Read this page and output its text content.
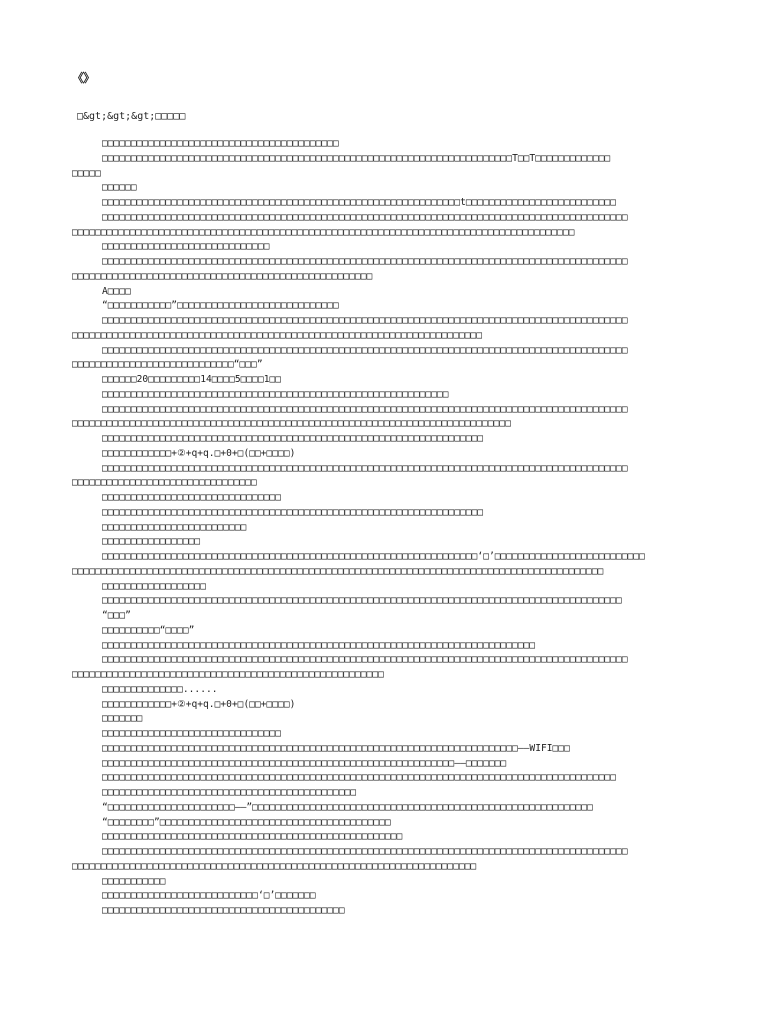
《》
□&gt;&gt;&gt;□□□□□
□□□□□□□□□□□□□□□□□□□□□□□□□□□□□□□□□□□□□□□□□
□□□□□□□□□□□□□□□□□□□□□□□□□□□□□□□□□□□□□□□□□□□□□□□□□□□□□□□□□□□□□□□□□□□□□□□T□□T□□□□□□□□□□□□□
□□□□□
□□□□□□
□□□□□□□□□□□□□□□□□□□□□□□□□□□□□□□□□□□□□□□□□□□□□□□□□□□□□□□□□□□□□□t□□□□□□□□□□□□□□□□□□□□□□□□□□
□□□□□□□□□□□□□□□□□□□□□□□□□□□□□□□□□□□□□□□□□□□□□□□□□□□□□□□□□□□□□□□□□□□□□□□□□□□□□□□□□□□□□□□□□□□
□□□□□□□□□□□□□□□□□□□□□□□□□□□□□□□□□□□□□□□□□□□□□□□□□□□□□□□□□□□□□□□□□□□□□□□□□□□□□□□□□□□□□□□
□□□□□□□□□□□□□□□□□□□□□□□□□□□□□
□□□□□□□□□□□□□□□□□□□□□□□□□□□□□□□□□□□□□□□□□□□□□□□□□□□□□□□□□□□□□□□□□□□□□□□□□□□□□□□□□□□□□□□□□□□
□□□□□□□□□□□□□□□□□□□□□□□□□□□□□□□□□□□□□□□□□□□□□□□□□□□□
A□□□□
“□□□□□□□□□□□”□□□□□□□□□□□□□□□□□□□□□□□□□□□□
□□□□□□□□□□□□□□□□□□□□□□□□□□□□□□□□□□□□□□□□□□□□□□□□□□□□□□□□□□□□□□□□□□□□□□□□□□□□□□□□□□□□□□□□□□□
□□□□□□□□□□□□□□□□□□□□□□□□□□□□□□□□□□□□□□□□□□□□□□□□□□□□□□□□□□□□□□□□□□□□□□□
□□□□□□□□□□□□□□□□□□□□□□□□□□□□□□□□□□□□□□□□□□□□□□□□□□□□□□□□□□□□□□□□□□□□□□□□□□□□□□□□□□□□□□□□□□□
□□□□□□□□□□□□□□□□□□□□□□□□□□□□“□□□”
□□□□□□20□□□□□□□□□14□□□□5□□□□1□□
□□□□□□□□□□□□□□□□□□□□□□□□□□□□□□□□□□□□□□□□□□□□□□□□□□□□□□□□□□□□
□□□□□□□□□□□□□□□□□□□□□□□□□□□□□□□□□□□□□□□□□□□□□□□□□□□□□□□□□□□□□□□□□□□□□□□□□□□□□□□□□□□□□□□□□□□
□□□□□□□□□□□□□□□□□□□□□□□□□□□□□□□□□□□□□□□□□□□□□□□□□□□□□□□□□□□□□□□□□□□□□□□□□□□□
□□□□□□□□□□□□□□□□□□□□□□□□□□□□□□□□□□□□□□□□□□□□□□□□□□□□□□□□□□□□□□□□□□
□□□□□□□□□□□□+②+q+q.□+0+□(□□+□□□□)
□□□□□□□□□□□□□□□□□□□□□□□□□□□□□□□□□□□□□□□□□□□□□□□□□□□□□□□□□□□□□□□□□□□□□□□□□□□□□□□□□□□□□□□□□□□
□□□□□□□□□□□□□□□□□□□□□□□□□□□□□□□□
□□□□□□□□□□□□□□□□□□□□□□□□□□□□□□□
□□□□□□□□□□□□□□□□□□□□□□□□□□□□□□□□□□□□□□□□□□□□□□□□□□□□□□□□□□□□□□□□□□
□□□□□□□□□□□□□□□□□□□□□□□□□
□□□□□□□□□□□□□□□□□
□□□□□□□□□□□□□□□□□□□□□□□□□□□□□□□□□□□□□□□□□□□□□□□□□□□□□□□□□□□□□□□□□‘□’□□□□□□□□□□□□□□□□□□□□□□□□□□
□□□□□□□□□□□□□□□□□□□□□□□□□□□□□□□□□□□□□□□□□□□□□□□□□□□□□□□□□□□□□□□□□□□□□□□□□□□□□□□□□□□□□□□□□□□□
□□□□□□□□□□□□□□□□□□
□□□□□□□□□□□□□□□□□□□□□□□□□□□□□□□□□□□□□□□□□□□□□□□□□□□□□□□□□□□□□□□□□□□□□□□□□□□□□□□□□□□□□□□□□□
“□□□”
□□□□□□□□□□“□□□□”
□□□□□□□□□□□□□□□□□□□□□□□□□□□□□□□□□□□□□□□□□□□□□□□□□□□□□□□□□□□□□□□□□□□□□□□□□□□
□□□□□□□□□□□□□□□□□□□□□□□□□□□□□□□□□□□□□□□□□□□□□□□□□□□□□□□□□□□□□□□□□□□□□□□□□□□□□□□□□□□□□□□□□□□
□□□□□□□□□□□□□□□□□□□□□□□□□□□□□□□□□□□□□□□□□□□□□□□□□□□□□□
□□□□□□□□□□□□□□......
□□□□□□□□□□□□+②+q+q.□+0+□(□□+□□□□)
□□□□□□□
□□□□□□□□□□□□□□□□□□□□□□□□□□□□□□□
□□□□□□□□□□□□□□□□□□□□□□□□□□□□□□□□□□□□□□□□□□□□□□□□□□□□□□□□□□□□□□□□□□□□□□□□——WIFI□□□
□□□□□□□□□□□□□□□□□□□□□□□□□□□□□□□□□□□□□□□□□□□□□□□□□□□□□□□□□□□□□——□□□□□□□
□□□□□□□□□□□□□□□□□□□□□□□□□□□□□□□□□□□□□□□□□□□□□□□□□□□□□□□□□□□□□□□□□□□□□□□□□□□□□□□□□□□□□□□□□
□□□□□□□□□□□□□□□□□□□□□□□□□□□□□□□□□□□□□□□□□□□□
“□□□□□□□□□□□□□□□□□□□□□□——”□□□□□□□□□□□□□□□□□□□□□□□□□□□□□□□□□□□□□□□□□□□□□□□□□□□□□□□□□□□
“□□□□□□□□”□□□□□□□□□□□□□□□□□□□□□□□□□□□□□□□□□□□□□□□□
□□□□□□□□□□□□□□□□□□□□□□□□□□□□□□□□□□□□□□□□□□□□□□□□□□□□
□□□□□□□□□□□□□□□□□□□□□□□□□□□□□□□□□□□□□□□□□□□□□□□□□□□□□□□□□□□□□□□□□□□□□□□□□□□□□□□□□□□□□□□□□□□
□□□□□□□□□□□□□□□□□□□□□□□□□□□□□□□□□□□□□□□□□□□□□□□□□□□□□□□□□□□□□□□□□□□□□□
□□□□□□□□□□□
□□□□□□□□□□□□□□□□□□□□□□□□□□□‘□’□□□□□□□
□□□□□□□□□□□□□□□□□□□□□□□□□□□□□□□□□□□□□□□□□□
